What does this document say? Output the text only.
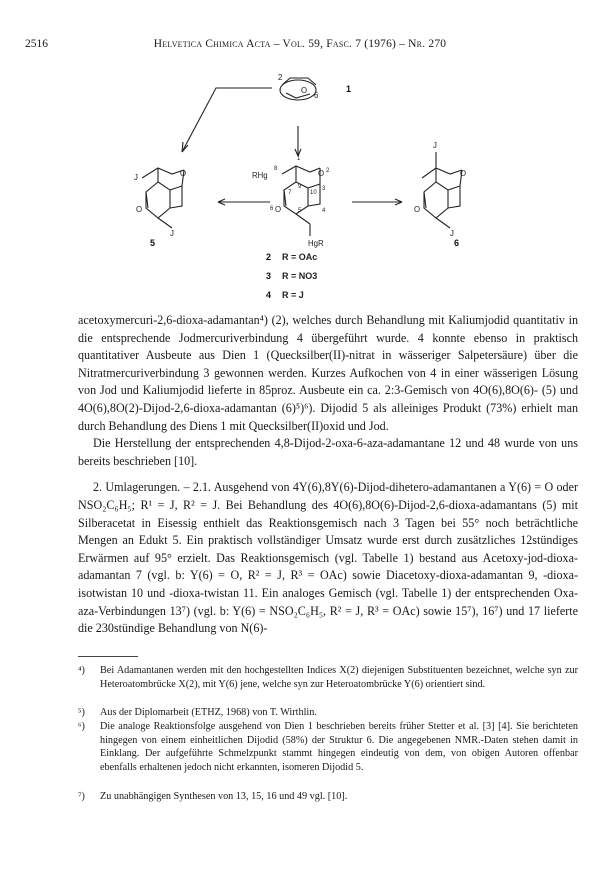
2516	Helvetica Chimica Acta – Vol. 59, Fasc. 7 (1976) – Nr. 270
2
O
6
1
J	O
O
J
5
RHg
8
1
O 2
9
7	10
3
6 O	5	4
HgR
J
O
O
J
6
2 R = OAc
3 R = NO3
4 R = J

acetoxymercuri-2,6-dioxa-adamantan⁴) (2), welches durch Behandlung mit Kaliumjodid quantitativ in die entsprechende Jodmercuriverbindung 4 übergeführt wurde. 4 konnte ebenso in praktisch quantitativer Ausbeute aus Dien 1 (Quecksilber(II)-nitrat in wässeriger Salpetersäure) über die Nitratmercuriverbindung 3 gewonnen werden. Kurzes Aufkochen von 4 in einer wässerigen Lösung von Jod und Kaliumjodid lieferte in 85proz. Ausbeute ein ca. 2:3-Gemisch von 4O(6),8O(6)- (5) und 4O(6),8O(2)-Dijod-2,6-dioxa-adamantan (6)⁵)⁶). Dijodid 5 als alleiniges Produkt (73%) erhielt man durch Behandlung des Diens 1 mit Quecksilber(II)oxid und Jod.

Die Herstellung der entsprechenden 4,8-Dijod-2-oxa-6-aza-adamantane 12 und 48 wurde von uns bereits beschrieben [10].

2. Umlagerungen. – 2.1. Ausgehend von 4Y(6),8Y(6)-Dijod-dihetero-adamantanen a Y(6) = O oder NSO₂C₆H₅; R¹ = J, R² = J. Bei Behandlung des 4O(6),8O(6)-Dijod-2,6-dioxa-adamantans (5) mit Silberacetat in Eisessig enthielt das Reaktionsgemisch nach 3 Tagen bei 55° noch beträchtliche Mengen an Edukt 5. Ein praktisch vollständiger Umsatz wurde erst durch zusätzliches 12stündiges Erwärmen auf 95° erzielt. Das Reaktionsgemisch (vgl. Tabelle 1) bestand aus Acetoxy-jod-dioxa-adamantan 7 (vgl. b: Y(6) = O, R² = J, R³ = OAc) sowie Diacetoxy-dioxa-adamantan 9, -dioxa-isotwistan 10 und -dioxa-twistan 11. Ein analoges Gemisch (vgl. Tabelle 1) der entsprechenden Oxa-aza-Verbindungen 13⁷) (vgl. b: Y(6) = NSO₂C₆H₅, R² = J, R³ = OAc) sowie 15⁷), 16⁷) und 17 lieferte die 230stündige Behandlung von N(6)-

⁴) Bei Adamantanen werden mit den hochgestellten Indices X(2) diejenigen Substituenten bezeichnet, welche syn zur Heteroatombrücke X(2), mit Y(6) jene, welche syn zur Heteroatombrücke Y(6) orientiert sind.
⁵) Aus der Diplomarbeit (ETHZ, 1968) von T. Wirthlin.
⁶) Die analoge Reaktionsfolge ausgehend von Dien 1 beschrieben bereits früher Stetter et al. [3] [4]. Sie berichteten hingegen von einem einheitlichen Dijodid (58%) der Struktur 6. Die angegebenen NMR.-Daten stehen damit in Einklang. Der aufgeführte Schmelzpunkt stammt hingegen eindeutig von dem, von obigen Autoren offenbar ebenfalls erhaltenen jedoch nicht erkannten, isomeren Dijodid 5.
⁷) Zu unabhängigen Synthesen von 13, 15, 16 und 49 vgl. [10].
